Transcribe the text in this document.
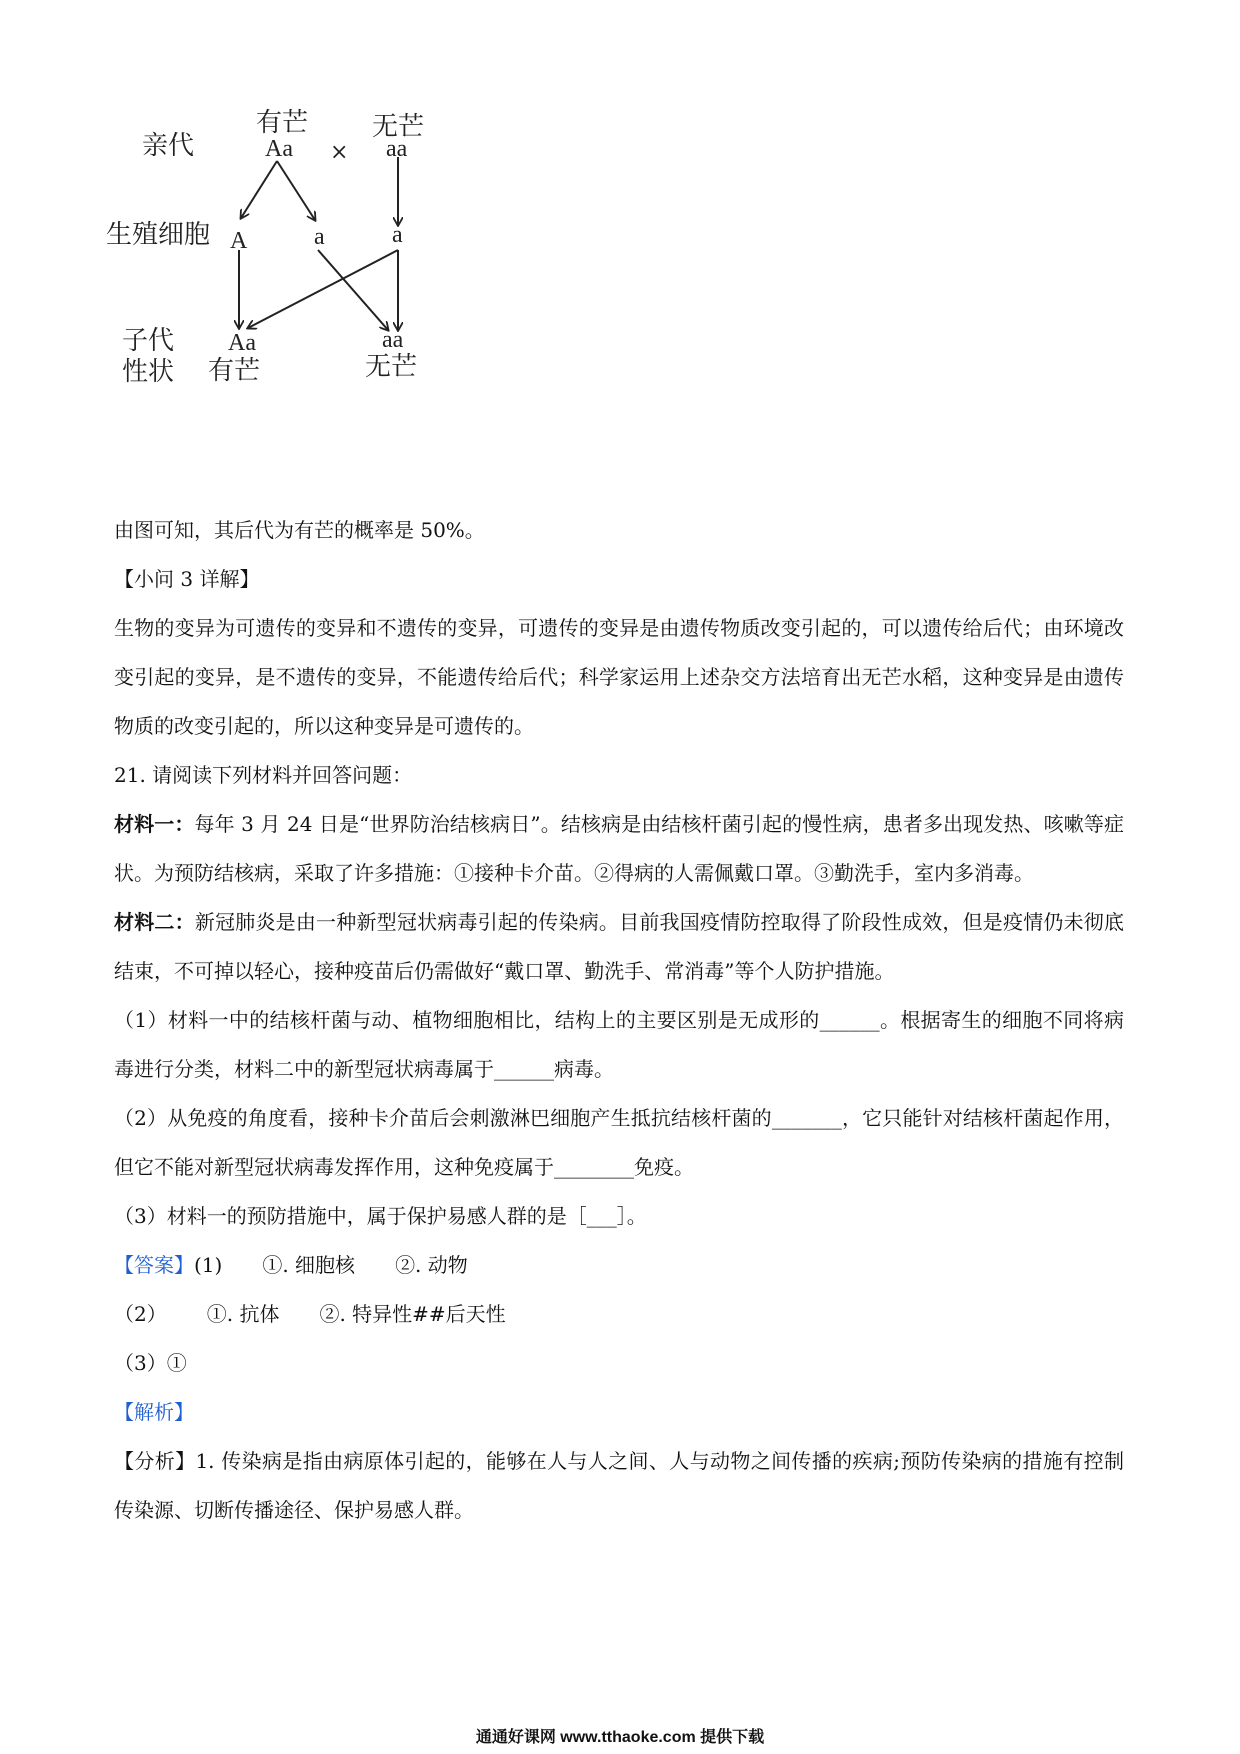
亲代
生殖细胞
子代
性状
有芒
Aa ×
无芒
aa
A	a	a
Aa
有芒
aa
无芒

由图可知，其后代为有芒的概率是 50%。

【小问 3 详解】

生物的变异为可遗传的变异和不遗传的变异，可遗传的变异是由遗传物质改变引起的，可以遗传给后代；由环境改变引起的变异，是不遗传的变异，不能遗传给后代；科学家运用上述杂交方法培育出无芒水稻，这种变异是由遗传物质的改变引起的，所以这种变异是可遗传的。

21. 请阅读下列材料并回答问题：

材料一：每年 3 月 24 日是“世界防治结核病日”。结核病是由结核杆菌引起的慢性病，患者多出现发热、咳嗽等症状。为预防结核病，采取了许多措施：①接种卡介苗。②得病的人需佩戴口罩。③勤洗手，室内多消毒。

材料二：新冠肺炎是由一种新型冠状病毒引起的传染病。目前我国疫情防控取得了阶段性成效，但是疫情仍未彻底结束，不可掉以轻心，接种疫苗后仍需做好“戴口罩、勤洗手、常消毒”等个人防护措施。

（1）材料一中的结核杆菌与动、植物细胞相比，结构上的主要区别是无成形的______。根据寄生的细胞不同将病毒进行分类，材料二中的新型冠状病毒属于______病毒。

（2）从免疫的角度看，接种卡介苗后会刺激淋巴细胞产生抵抗结核杆菌的_______，它只能针对结核杆菌起作用，但它不能对新型冠状病毒发挥作用，这种免疫属于________免疫。

（3）材料一的预防措施中，属于保护易感人群的是［___］。

【答案】 (1) ①. 细胞核 ②. 动物
（2） ①. 抗体 ②. 特异性##后天性

（3）①

【解析】

【分析】1. 传染病是指由病原体引起的，能够在人与人之间、人与动物之间传播的疾病;预防传染病的措施有控制传染源、切断传播途径、保护易感人群。

通通好课网 www.tthaoke.com 提供下载
